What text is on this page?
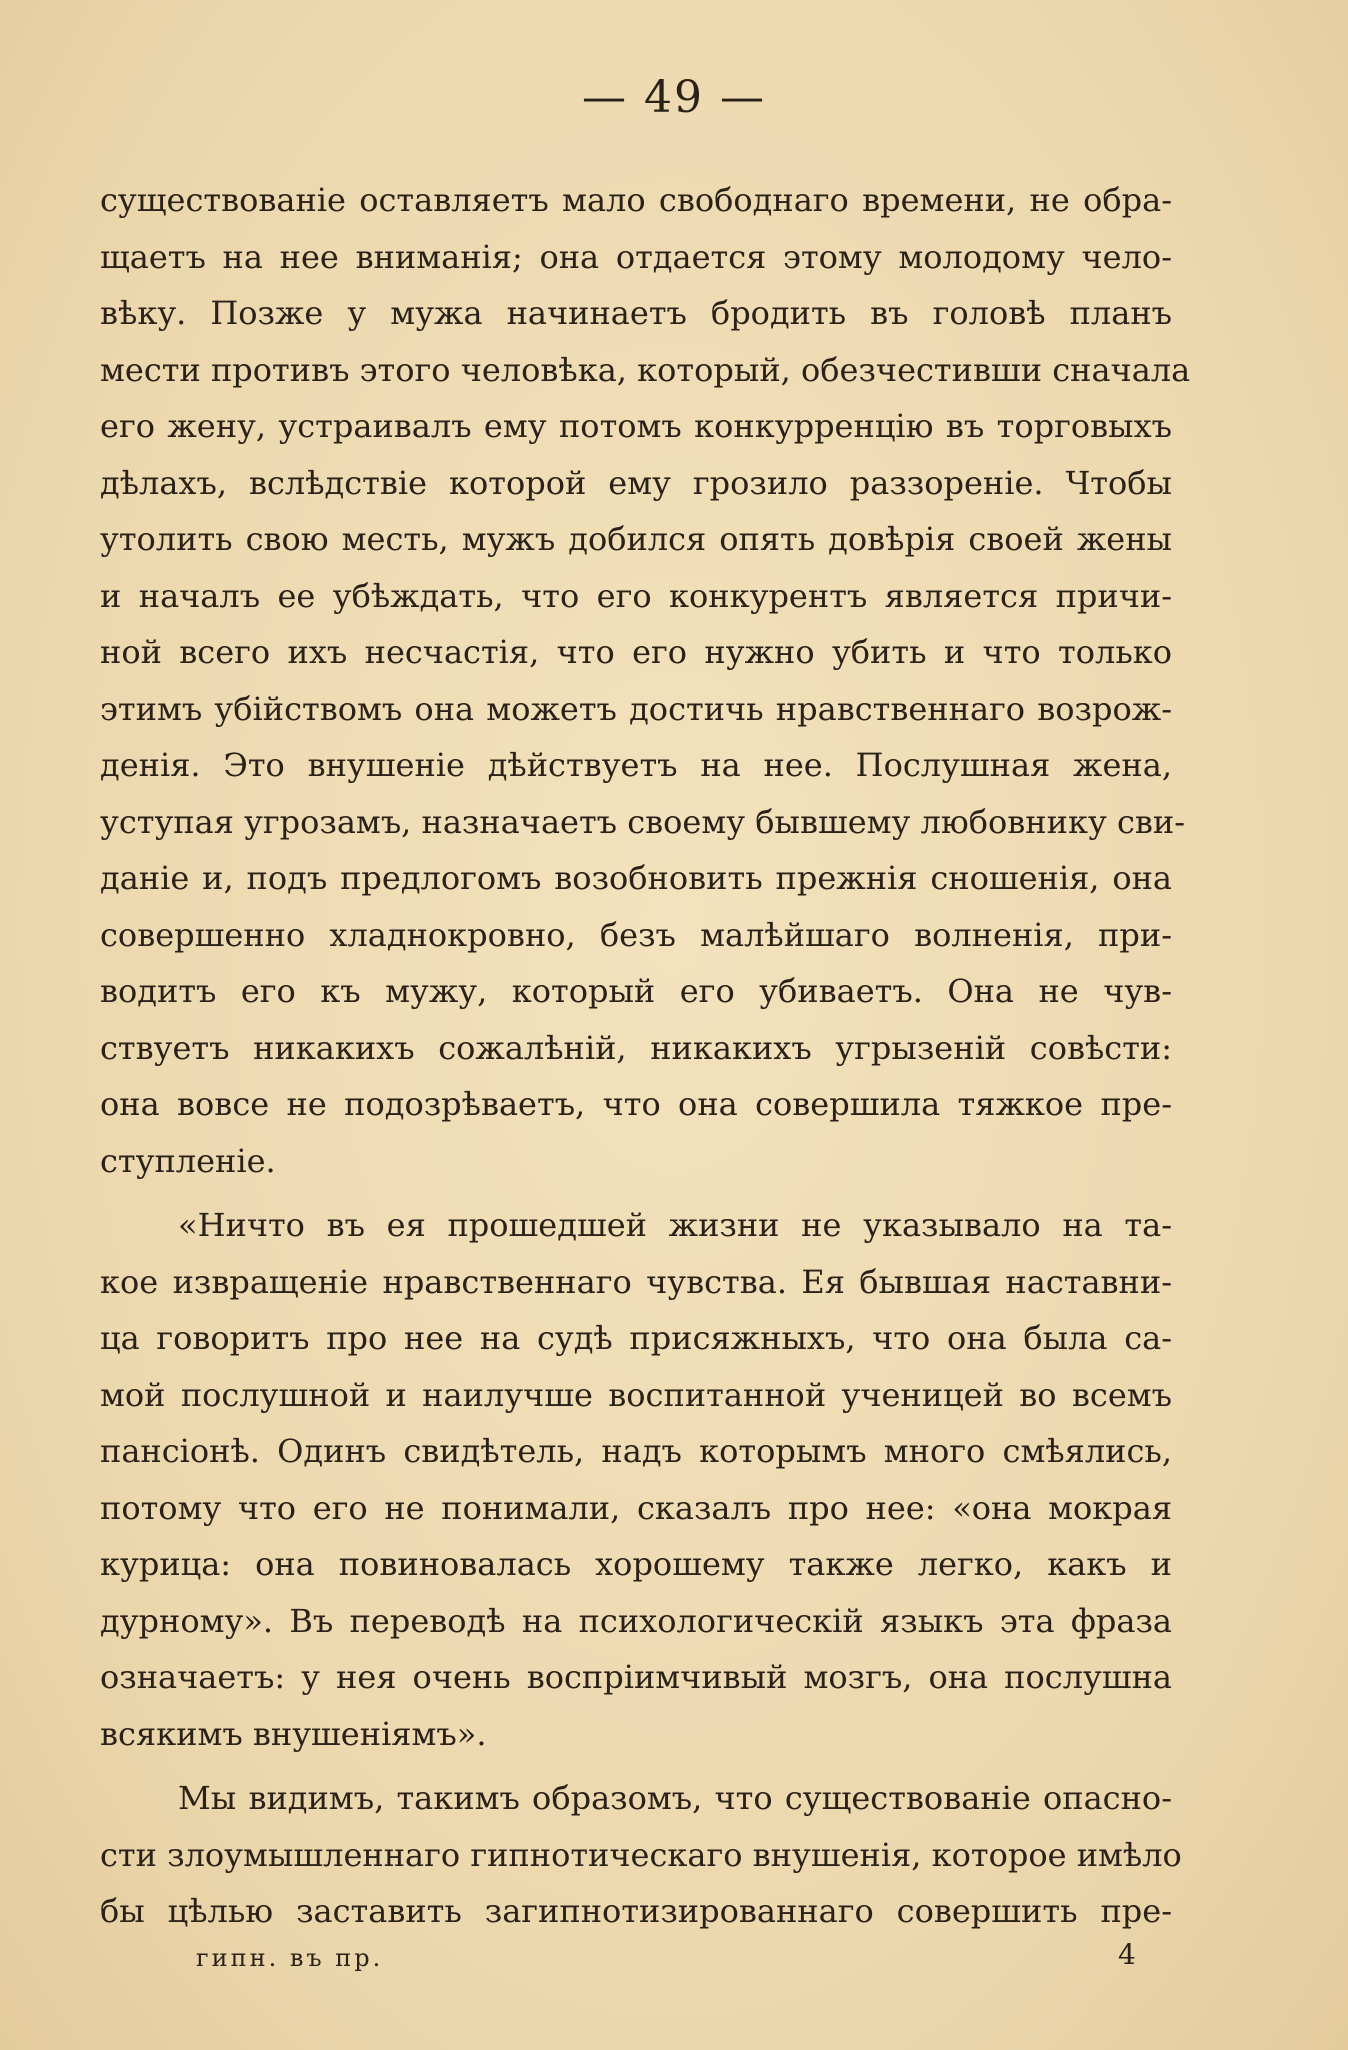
— 49 —
существованіе оставляетъ мало свободнаго времени, не обра-
щаетъ на нее вниманія; она отдается этому молодому чело-
вѣку. Позже у мужа начинаетъ бродить въ головѣ планъ
мести противъ этого человѣка, который, обезчестивши сначала
его жену, устраивалъ ему потомъ конкурренцію въ торговыхъ
дѣлахъ, вслѣдствіе которой ему грозило раззореніе. Чтобы
утолить свою месть, мужъ добился опять довѣрія своей жены
и началъ ее убѣждать, что его конкурентъ является причи-
ной всего ихъ несчастія, что его нужно убить и что только
этимъ убійствомъ она можетъ достичь нравственнаго возрож-
денія. Это внушеніе дѣйствуетъ на нее. Послушная жена,
уступая угрозамъ, назначаетъ своему бывшему любовнику сви-
даніе и, подъ предлогомъ возобновить прежнія сношенія, она
совершенно хладнокровно, безъ малѣйшаго волненія, при-
водитъ его къ мужу, который его убиваетъ. Она не чув-
ствуетъ никакихъ сожалѣній, никакихъ угрызеній совѣсти:
она вовсе не подозрѣваетъ, что она совершила тяжкое пре-
ступленіе.
«Ничто въ ея прошедшей жизни не указывало на та-
кое извращеніе нравственнаго чувства. Ея бывшая наставни-
ца говоритъ про нее на судѣ присяжныхъ, что она была са-
мой послушной и наилучше воспитанной ученицей во всемъ
пансіонѣ. Одинъ свидѣтель, надъ которымъ много смѣялись,
потому что его не понимали, сказалъ про нее: «она мокрая
курица: она повиновалась хорошему также легко, какъ и
дурному». Въ переводѣ на психологическій языкъ эта фраза
означаетъ: у нея очень воспріимчивый мозгъ, она послушна
всякимъ внушеніямъ».
Мы видимъ, такимъ образомъ, что существованіе опасно-
сти злоумышленнаго гипнотическаго внушенія, которое имѣло
бы цѣлью заставить загипнотизированнаго совершить пре-
гипн. въ пр.	4
